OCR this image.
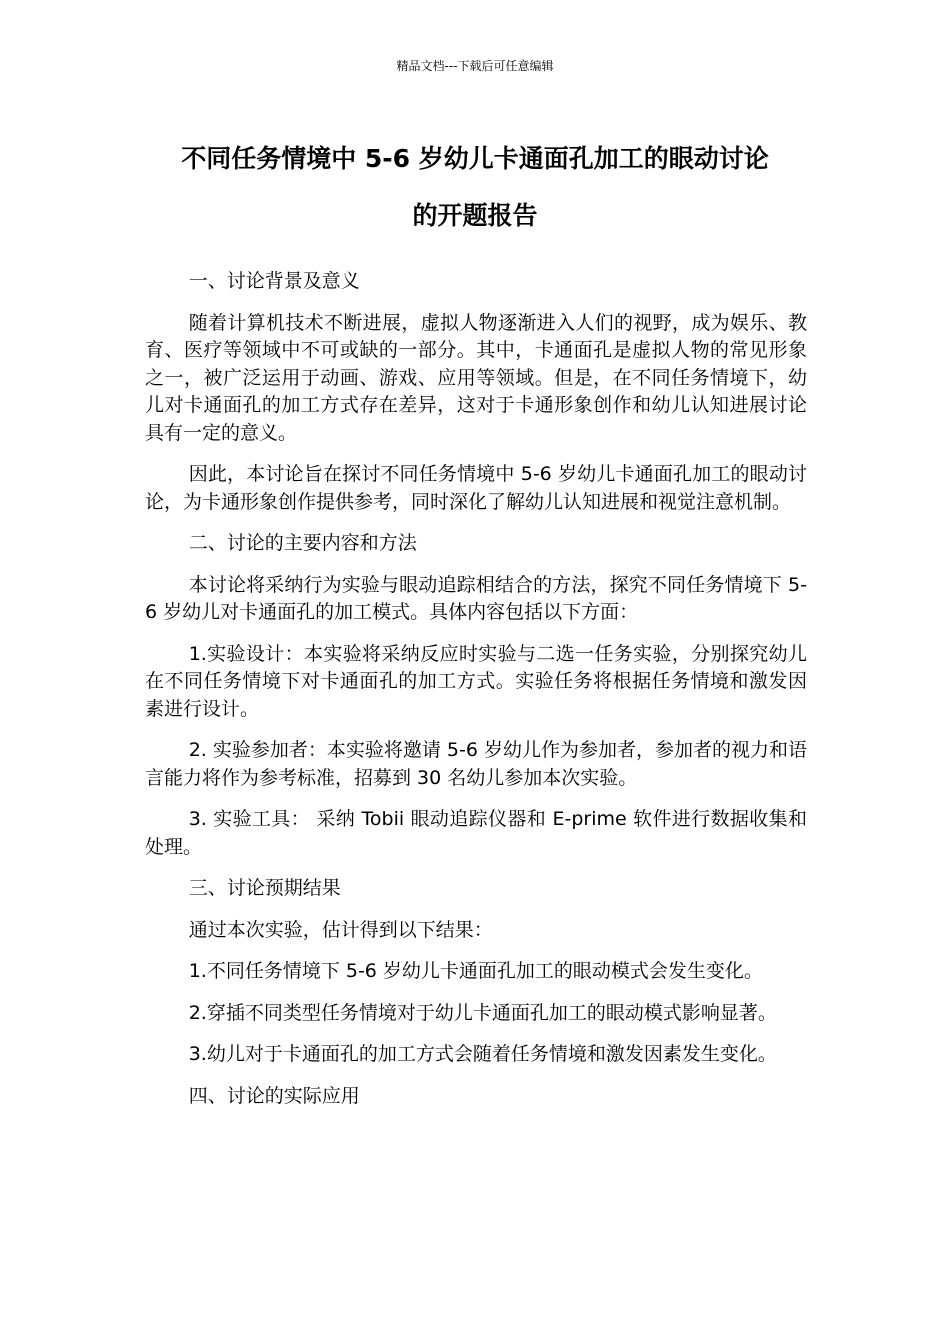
精品文档---下载后可任意编辑
不同任务情境中 5-6 岁幼儿卡通面孔加工的眼动讨论
的开题报告

一、讨论背景及意义

随着计算机技术不断进展，虚拟人物逐渐进入人们的视野，成为娱乐、教育、医疗等领域中不可或缺的一部分。其中，卡通面孔是虚拟人物的常见形象之一，被广泛运用于动画、游戏、应用等领域。但是，在不同任务情境下，幼儿对卡通面孔的加工方式存在差异，这对于卡通形象创作和幼儿认知进展讨论具有一定的意义。

因此，本讨论旨在探讨不同任务情境中 5-6 岁幼儿卡通面孔加工的眼动讨论，为卡通形象创作提供参考，同时深化了解幼儿认知进展和视觉注意机制。

二、讨论的主要内容和方法

本讨论将采纳行为实验与眼动追踪相结合的方法，探究不同任务情境下 5-6 岁幼儿对卡通面孔的加工模式。具体内容包括以下方面：

1.实验设计：本实验将采纳反应时实验与二选一任务实验，分别探究幼儿在不同任务情境下对卡通面孔的加工方式。实验任务将根据任务情境和激发因素进行设计。

2. 实验参加者：本实验将邀请 5-6 岁幼儿作为参加者，参加者的视力和语言能力将作为参考标准，招募到 30 名幼儿参加本次实验。

3. 实验工具： 采纳 Tobii 眼动追踪仪器和 E-prime 软件进行数据收集和处理。

三、讨论预期结果

通过本次实验，估计得到以下结果：

1.不同任务情境下 5-6 岁幼儿卡通面孔加工的眼动模式会发生变化。

2.穿插不同类型任务情境对于幼儿卡通面孔加工的眼动模式影响显著。

3.幼儿对于卡通面孔的加工方式会随着任务情境和激发因素发生变化。

四、讨论的实际应用
